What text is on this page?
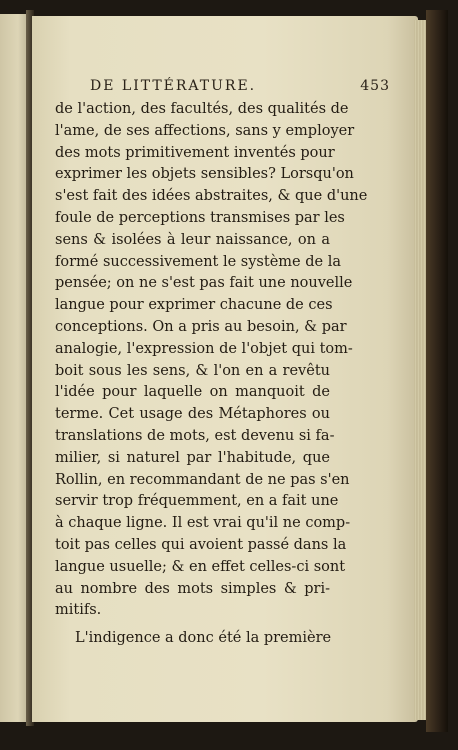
DE LITTÉRATURE.	453
de l'action, des facultés, des qualités de
l'ame, de ses affections, sans y employer
des mots primitivement inventés pour
exprimer les objets sensibles? Lorsqu'on
s'est fait des idées abstraites, & que d'une
foule de perceptions transmises par les
sens & isolées à leur naissance, on a
formé successivement le système de la
pensée; on ne s'est pas fait une nouvelle
langue pour exprimer chacune de ces
conceptions. On a pris au besoin, & par
analogie, l'expression de l'objet qui tom-
boit sous les sens, & l'on en a revêtu
l'idée pour laquelle on manquoit de
terme. Cet usage des Métaphores ou
translations de mots, est devenu si fa-
milier, si naturel par l'habitude, que
Rollin, en recommandant de ne pas s'en
servir trop fréquemment, en a fait une
à chaque ligne. Il est vrai qu'il ne comp-
toit pas celles qui avoient passé dans la
langue usuelle; & en effet celles-ci sont
au nombre des mots simples & pri-
mitifs.
L'indigence a donc été la première
